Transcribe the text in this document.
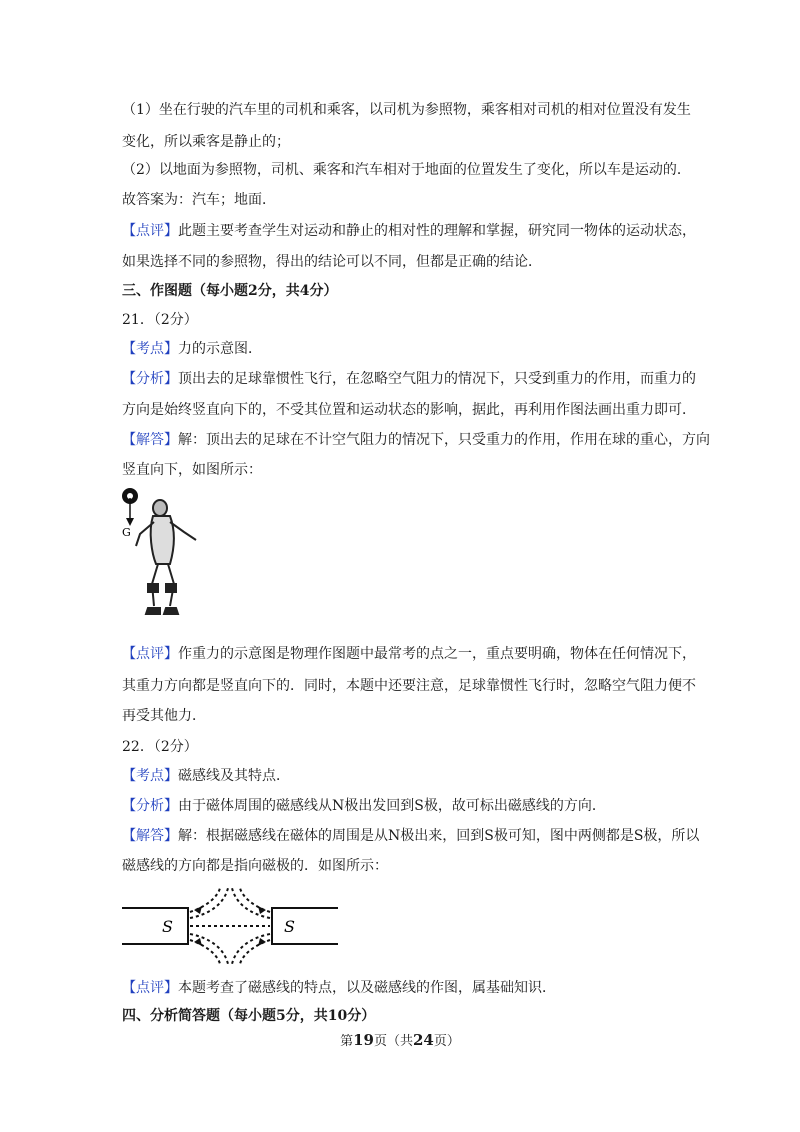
（1）坐在行驶的汽车里的司机和乘客，以司机为参照物，乘客相对司机的相对位置没有发生
变化，所以乘客是静止的；
（2）以地面为参照物，司机、乘客和汽车相对于地面的位置发生了变化，所以车是运动的．
故答案为：汽车；地面．
【点评】此题主要考查学生对运动和静止的相对性的理解和掌握，研究同一物体的运动状态，
如果选择不同的参照物，得出的结论可以不同，但都是正确的结论．
三、作图题（每小题2分，共4分）
21．（2分）
【考点】力的示意图．
【分析】顶出去的足球靠惯性飞行，在忽略空气阻力的情况下，只受到重力的作用，而重力的
方向是始终竖直向下的，不受其位置和运动状态的影响，据此，再利用作图法画出重力即可．
【解答】解：顶出去的足球在不计空气阻力的情况下，只受重力的作用，作用在球的重心，方向
竖直向下，如图所示：
G
【点评】作重力的示意图是物理作图题中最常考的点之一，重点要明确，物体在任何情况下，
其重力方向都是竖直向下的．同时，本题中还要注意，足球靠惯性飞行时，忽略空气阻力便不
再受其他力．
22．（2分）
【考点】磁感线及其特点．
【分析】由于磁体周围的磁感线从N极出发回到S极，故可标出磁感线的方向．
【解答】解：根据磁感线在磁体的周围是从N极出来，回到S极可知，图中两侧都是S极，所以
磁感线的方向都是指向磁极的．如图所示：
S	S
【点评】本题考查了磁感线的特点，以及磁感线的作图，属基础知识．
四、分析简答题（每小题5分，共10分）
第19页（共24页）
